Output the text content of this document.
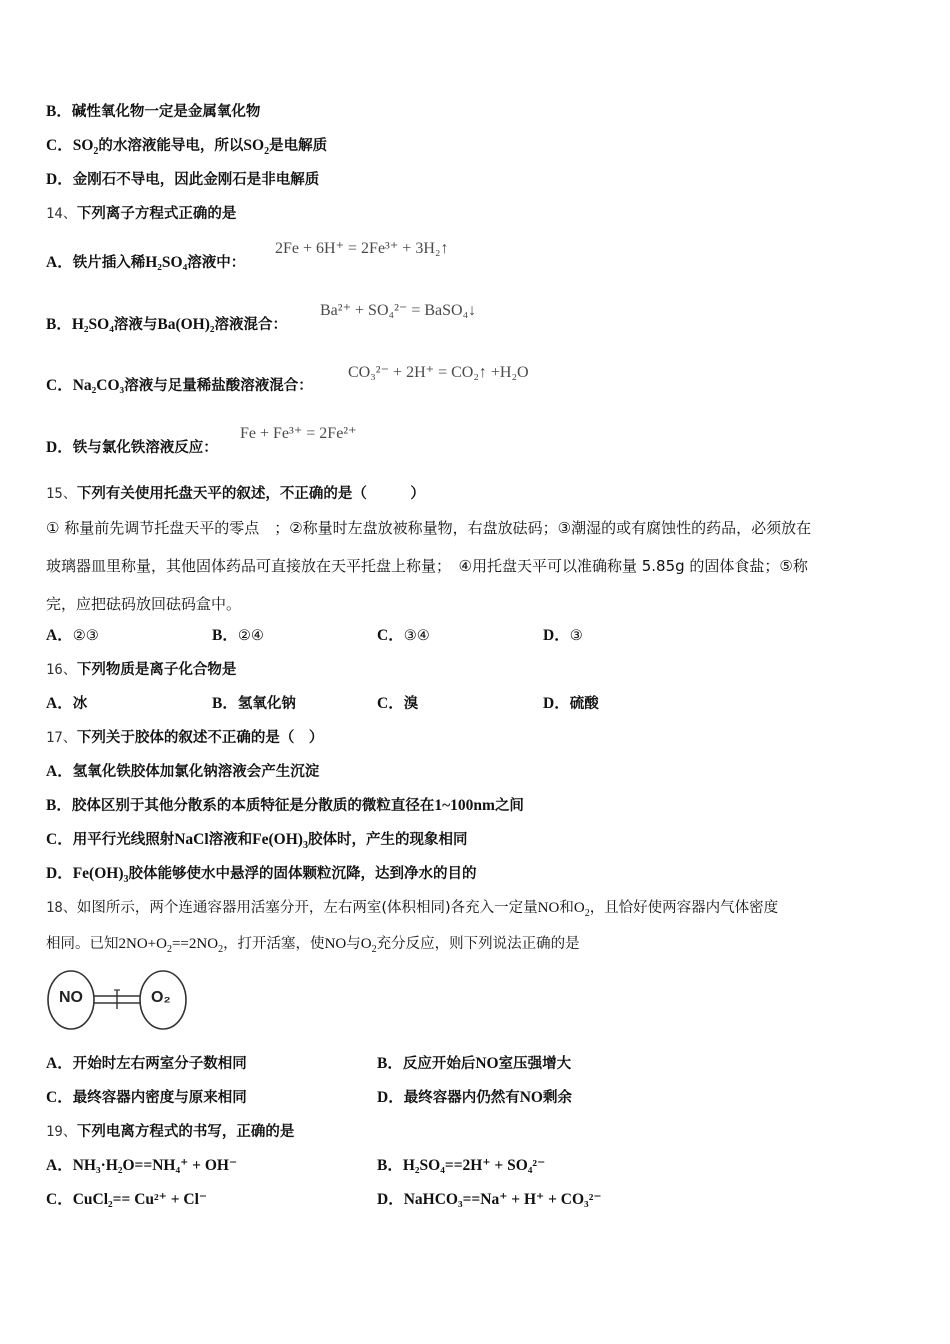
B．碱性氧化物一定是金属氧化物
C．$SO_2$的水溶液能导电，所以$SO_2$是电解质
D．金刚石不导电，因此金刚石是非电解质
14、下列离子方程式正确的是
A．铁片插入稀H₂SO₄溶液中：
2Fe + 6H⁺ = 2Fe³⁺ + 3H₂↑
B．H₂SO₄溶液与Ba(OH)₂溶液混合：
Ba²⁺ + SO₄²⁻ = BaSO₄↓
C．Na₂CO₃溶液与足量稀盐酸溶液混合：
CO₃²⁻ + 2H⁺ = CO₂↑ +H₂O
D．铁与氯化铁溶液反应：
Fe + Fe³⁺ = 2Fe²⁺
15、下列有关使用托盘天平的叙述，不正确的是（　　　）
① 称量前先调节托盘天平的零点　；②称量时左盘放被称量物，右盘放砝码；③潮湿的或有腐蚀性的药品，必须放在
玻璃器皿里称量，其他固体药品可直接放在天平托盘上称量；　④用托盘天平可以准确称量 5.85g 的固体食盐；⑤称
完，应把砝码放回砝码盒中。
A．②③	B．②④	C．③④	D．③
16、下列物质是离子化合物是
A．冰	B．氢氧化钠	C．溴	D．硫酸
17、下列关于胶体的叙述不正确的是（　）
A．氢氧化铁胶体加氯化钠溶液会产生沉淀
B．胶体区别于其他分散系的本质特征是分散质的微粒直径在1~100nm之间
C．用平行光线照射NaCl溶液和$Fe(OH)_3$胶体时，产生的现象相同
D．$Fe(OH)_3$胶体能够使水中悬浮的固体颗粒沉降，达到净水的目的
18、如图所示，两个连通容器用活塞分开，左右两室(体积相同)各充入一定量NO和$O_2$，且恰好使两容器内气体密度
相同。已知$2NO+O_2==2NO_2$，打开活塞，使NO与$O_2$充分反应，则下列说法正确的是
NO	O₂
A．开始时左右两室分子数相同	B．反应开始后NO室压强增大
C．最终容器内密度与原来相同	D．最终容器内仍然有NO剩余
19、下列电离方程式的书写，正确的是
A．NH₃·H₂O==NH₄⁺ + OH⁻	B．H₂SO₄==2H⁺ + SO₄²⁻
C．CuCl₂== Cu²⁺ + Cl⁻	D．NaHCO₃==Na⁺ + H⁺ + CO₃²⁻
